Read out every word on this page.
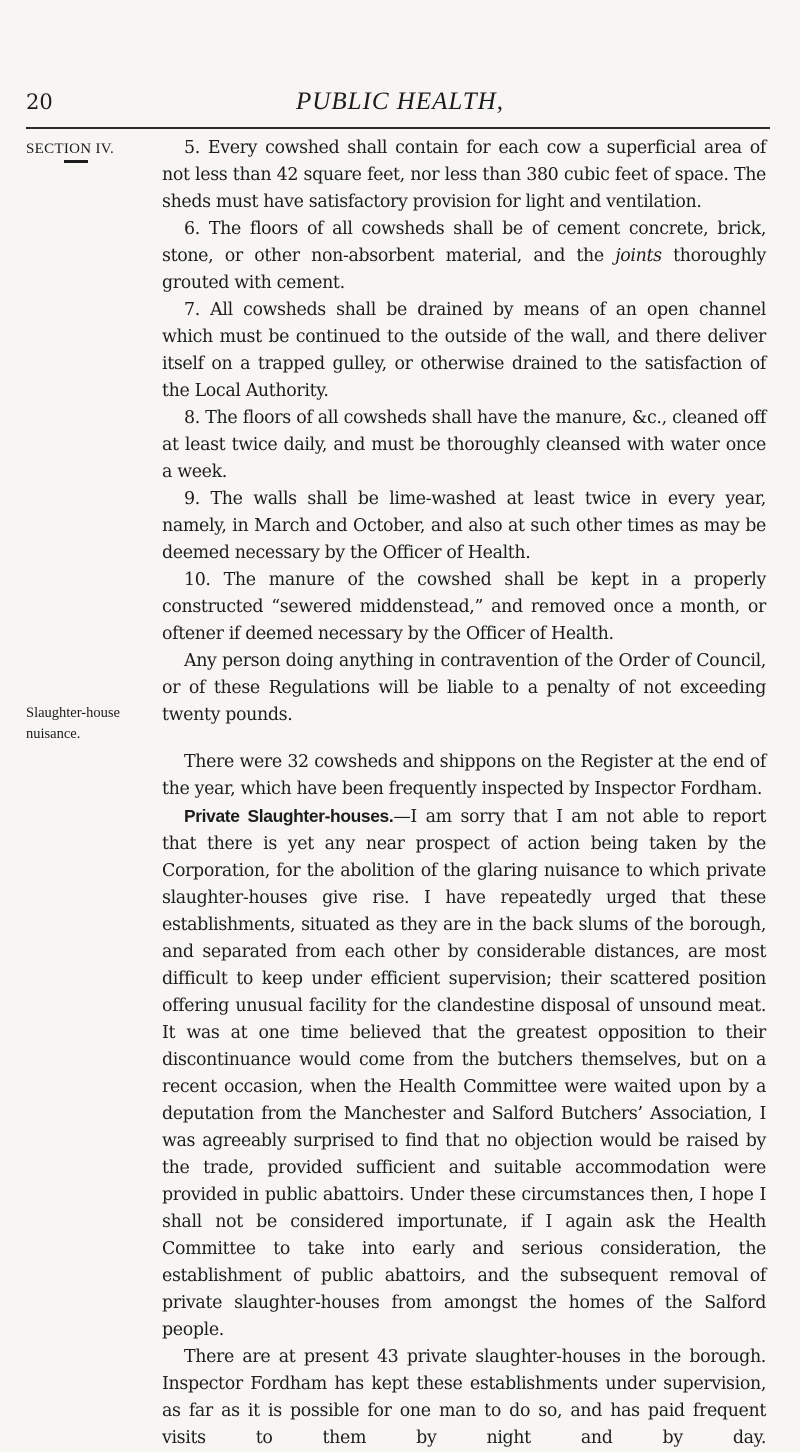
20	PUBLIC HEALTH,
SECTION IV.
Slaughter-house nuisance.

5. Every cowshed shall contain for each cow a superficial area of not less than 42 square feet, nor less than 380 cubic feet of space. The sheds must have satisfactory provision for light and ventilation.

6. The floors of all cowsheds shall be of cement concrete, brick, stone, or other non-absorbent material, and the joints thoroughly grouted with cement.

7. All cowsheds shall be drained by means of an open channel which must be continued to the outside of the wall, and there deliver itself on a trapped gulley, or otherwise drained to the satisfaction of the Local Authority.

8. The floors of all cowsheds shall have the manure, &c., cleaned off at least twice daily, and must be thoroughly cleansed with water once a week.

9. The walls shall be lime-washed at least twice in every year, namely, in March and October, and also at such other times as may be deemed necessary by the Officer of Health.

10. The manure of the cowshed shall be kept in a properly constructed “sewered middenstead,” and removed once a month, or oftener if deemed necessary by the Officer of Health.

Any person doing anything in contravention of the Order of Council, or of these Regulations will be liable to a penalty of not exceeding twenty pounds.

There were 32 cowsheds and shippons on the Register at the end of the year, which have been frequently inspected by Inspector Fordham.

Private Slaughter-houses.—I am sorry that I am not able to report that there is yet any near prospect of action being taken by the Corporation, for the abolition of the glaring nuisance to which private slaughter-houses give rise. I have repeatedly urged that these establishments, situated as they are in the back slums of the borough, and separated from each other by considerable distances, are most difficult to keep under efficient supervision; their scattered position offering unusual facility for the clandestine disposal of unsound meat. It was at one time believed that the greatest opposition to their discontinuance would come from the butchers themselves, but on a recent occasion, when the Health Committee were waited upon by a deputation from the Manchester and Salford Butchers’ Association, I was agreeably surprised to find that no objection would be raised by the trade, provided sufficient and suitable accommodation were provided in public abattoirs. Under these circumstances then, I hope I shall not be considered importunate, if I again ask the Health Committee to take into early and serious consideration, the establishment of public abattoirs, and the subsequent removal of private slaughter-houses from amongst the homes of the Salford people.

There are at present 43 private slaughter-houses in the borough. Inspector Fordham has kept these establishments under supervision, as far as it is possible for one man to do so, and has paid frequent visits to them by night and by day.
